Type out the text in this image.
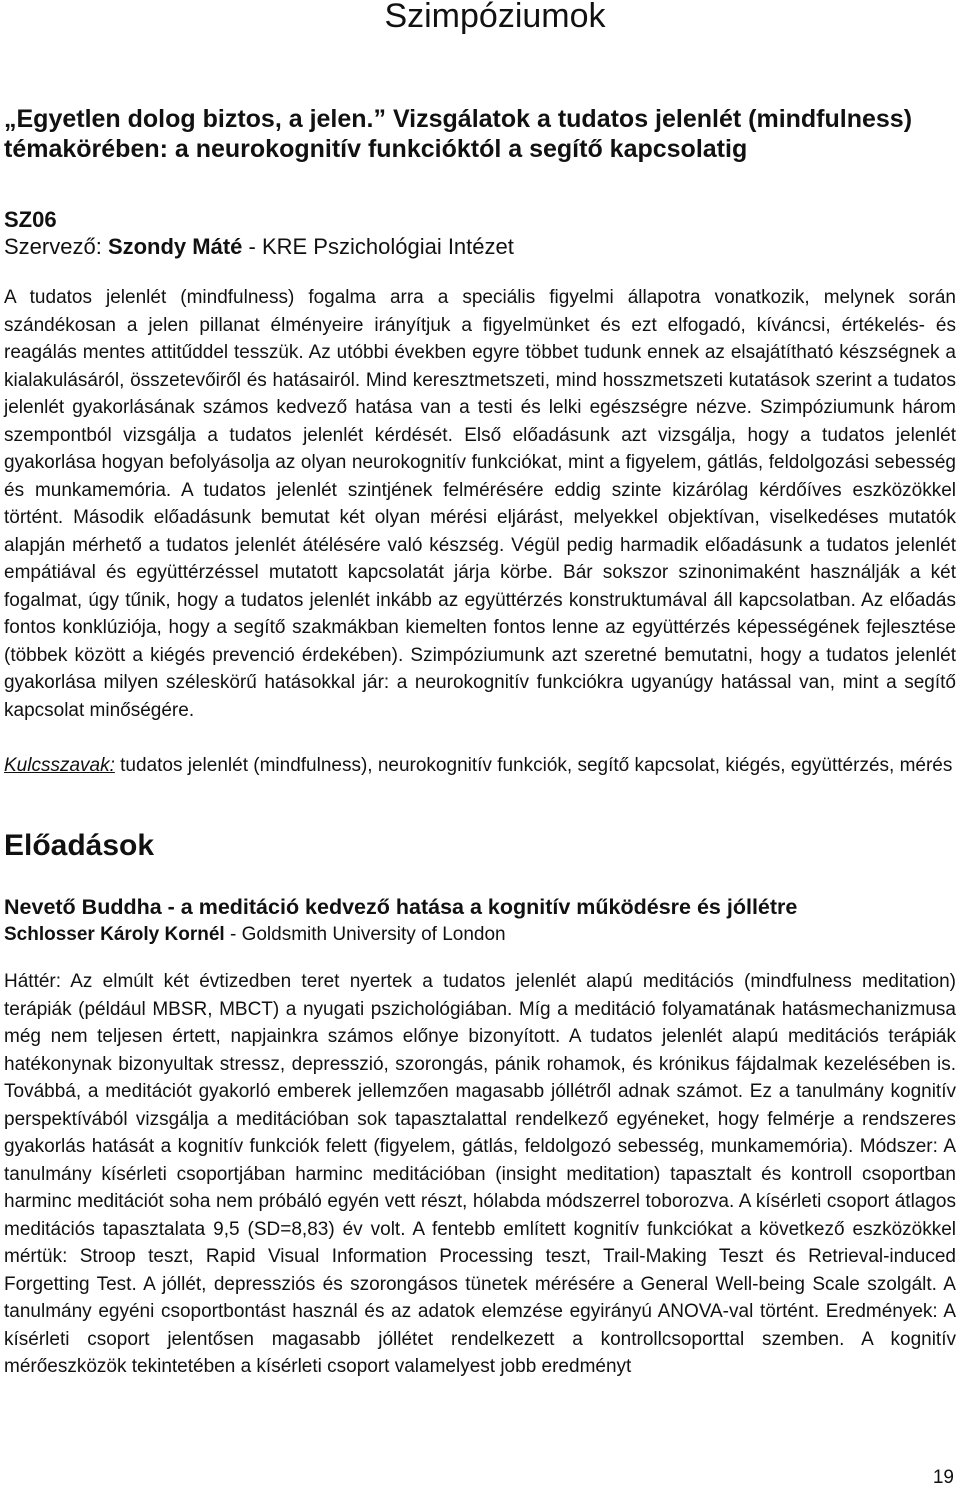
Szimpóziumok
„Egyetlen dolog biztos, a jelen.” Vizsgálatok a tudatos jelenlét (mindfulness) témakörében: a neurokognitív funkcióktól a segítő kapcsolatig
SZ06
Szervező: Szondy Máté - KRE Pszichológiai Intézet

A tudatos jelenlét (mindfulness) fogalma arra a speciális figyelmi állapotra vonatkozik, melynek során szándékosan a jelen pillanat élményeire irányítjuk a figyelmünket és ezt elfogadó, kíváncsi, értékelés- és reagálás mentes attitűddel tesszük. Az utóbbi években egyre többet tudunk ennek az elsajátítható készségnek a kialakulásáról, összetevőiről és hatásairól. Mind keresztmetszeti, mind hosszmetszeti kutatások szerint a tudatos jelenlét gyakorlásának számos kedvező hatása van a testi és lelki egészségre nézve. Szimpóziumunk három szempontból vizsgálja a tudatos jelenlét kérdését. Első előadásunk azt vizsgálja, hogy a tudatos jelenlét gyakorlása hogyan befolyásolja az olyan neurokognitív funkciókat, mint a figyelem, gátlás, feldolgozási sebesség és munkamemória. A tudatos jelenlét szintjének felmérésére eddig szinte kizárólag kérdőíves eszközökkel történt. Második előadásunk bemutat két olyan mérési eljárást, melyekkel objektívan, viselkedéses mutatók alapján mérhető a tudatos jelenlét átélésére való készség. Végül pedig harmadik előadásunk a tudatos jelenlét empátiával és együttérzéssel mutatott kapcsolatát járja körbe. Bár sokszor szinonimaként használják a két fogalmat, úgy tűnik, hogy a tudatos jelenlét inkább az együttérzés konstruktumával áll kapcsolatban. Az előadás fontos konklúziója, hogy a segítő szakmákban kiemelten fontos lenne az együttérzés képességének fejlesztése (többek között a kiégés prevenció érdekében). Szimpóziumunk azt szeretné bemutatni, hogy a tudatos jelenlét gyakorlása milyen széleskörű hatásokkal jár: a neurokognitív funkciókra ugyanúgy hatással van, mint a segítő kapcsolat minőségére.

Kulcsszavak: tudatos jelenlét (mindfulness), neurokognitív funkciók, segítő kapcsolat, kiégés, együttérzés, mérés

Előadások
Nevető Buddha - a meditáció kedvező hatása a kognitív működésre és jóllétre
Schlosser Károly Kornél - Goldsmith University of London

Háttér: Az elmúlt két évtizedben teret nyertek a tudatos jelenlét alapú meditációs (mindfulness meditation) terápiák (például MBSR, MBCT) a nyugati pszichológiában. Míg a meditáció folyamatának hatásmechanizmusa még nem teljesen értett, napjainkra számos előnye bizonyított. A tudatos jelenlét alapú meditációs terápiák hatékonynak bizonyultak stressz, depresszió, szorongás, pánik rohamok, és krónikus fájdalmak kezelésében is. Továbbá, a meditációt gyakorló emberek jellemzően magasabb jóllétről adnak számot. Ez a tanulmány kognitív perspektívából vizsgálja a meditációban sok tapasztalattal rendelkező egyéneket, hogy felmérje a rendszeres gyakorlás hatását a kognitív funkciók felett (figyelem, gátlás, feldolgozó sebesség, munkamemória). Módszer: A tanulmány kísérleti csoportjában harminc meditációban (insight meditation) tapasztalt és kontroll csoportban harminc meditációt soha nem próbáló egyén vett részt, hólabda módszerrel toborozva. A kísérleti csoport átlagos meditációs tapasztalata 9,5 (SD=8,83) év volt. A fentebb említett kognitív funkciókat a következő eszközökkel mértük: Stroop teszt, Rapid Visual Information Processing teszt, Trail-Making Teszt és Retrieval-induced Forgetting Test. A jóllét, depressziós és szorongásos tünetek mérésére a General Well-being Scale szolgált. A tanulmány egyéni csoportbontást használ és az adatok elemzése egyirányú ANOVA-val történt. Eredmények: A kísérleti csoport jelentősen magasabb jóllétet rendelkezett a kontrollcsoporttal szemben. A kognitív mérőeszközök tekintetében a kísérleti csoport valamelyest jobb eredményt

19
